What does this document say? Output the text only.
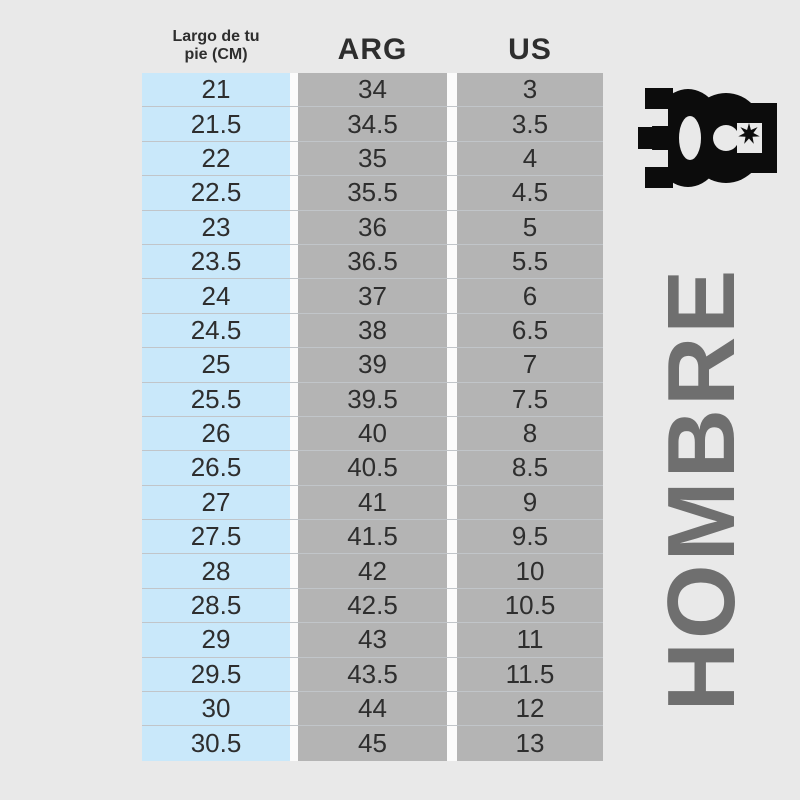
Largo de tu
pie (CM)	ARG	US
21	34	3
21.5	34.5	3.5
22	35	4
22.5	35.5	4.5
23	36	5
23.5	36.5	5.5
24	37	6
24.5	38	6.5
25	39	7
25.5	39.5	7.5
26	40	8
26.5	40.5	8.5
27	41	9
27.5	41.5	9.5
28	42	10
28.5	42.5	10.5
29	43	11
29.5	43.5	11.5
30	44	12
30.5	45	13
HOMBRE
